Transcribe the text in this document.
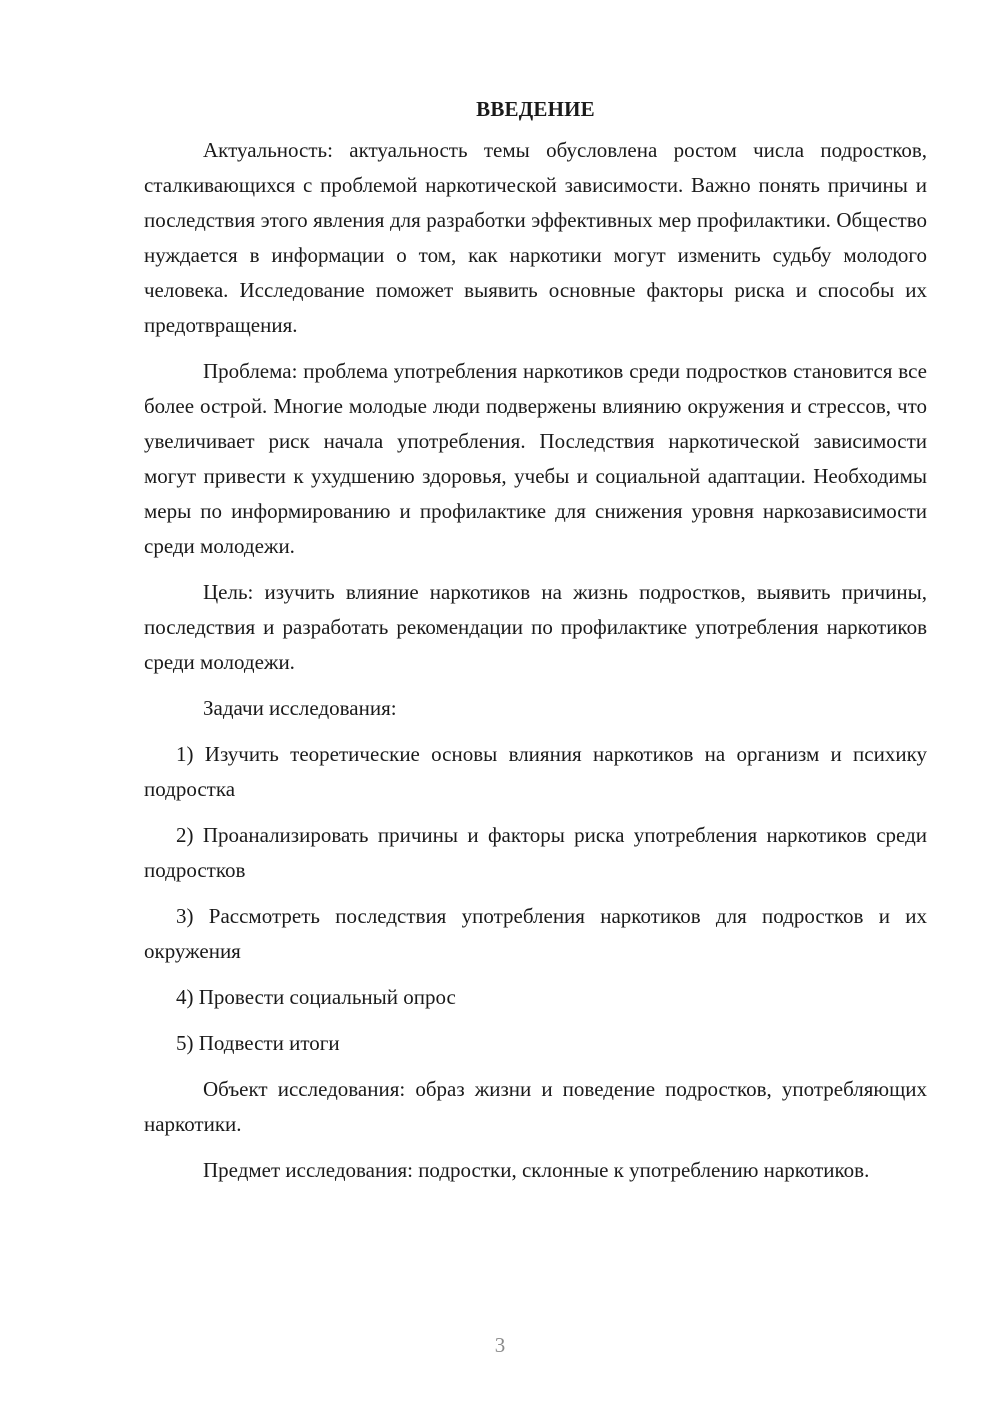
ВВЕДЕНИЕ

Актуальность: актуальность темы обусловлена ростом числа подростков, сталкивающихся с проблемой наркотической зависимости. Важно понять причины и последствия этого явления для разработки эффективных мер профилактики. Общество нуждается в информации о том, как наркотики могут изменить судьбу молодого человека. Исследование поможет выявить основные факторы риска и способы их предотвращения.

Проблема: проблема употребления наркотиков среди подростков становится все более острой. Многие молодые люди подвержены влиянию окружения и стрессов, что увеличивает риск начала употребления. Последствия наркотической зависимости могут привести к ухудшению здоровья, учебы и социальной адаптации. Необходимы меры по информированию и профилактике для снижения уровня наркозависимости среди молодежи.

Цель: изучить влияние наркотиков на жизнь подростков, выявить причины, последствия и разработать рекомендации по профилактике употребления наркотиков среди молодежи.

Задачи исследования:

1) Изучить теоретические основы влияния наркотиков на организм и психику подростка

2) Проанализировать причины и факторы риска употребления наркотиков среди подростков

3) Рассмотреть последствия употребления наркотиков для подростков и их окружения

4) Провести социальный опрос

5) Подвести итоги

Объект исследования: образ жизни и поведение подростков, употребляющих наркотики.

Предмет исследования: подростки, склонные к употреблению наркотиков.

3
